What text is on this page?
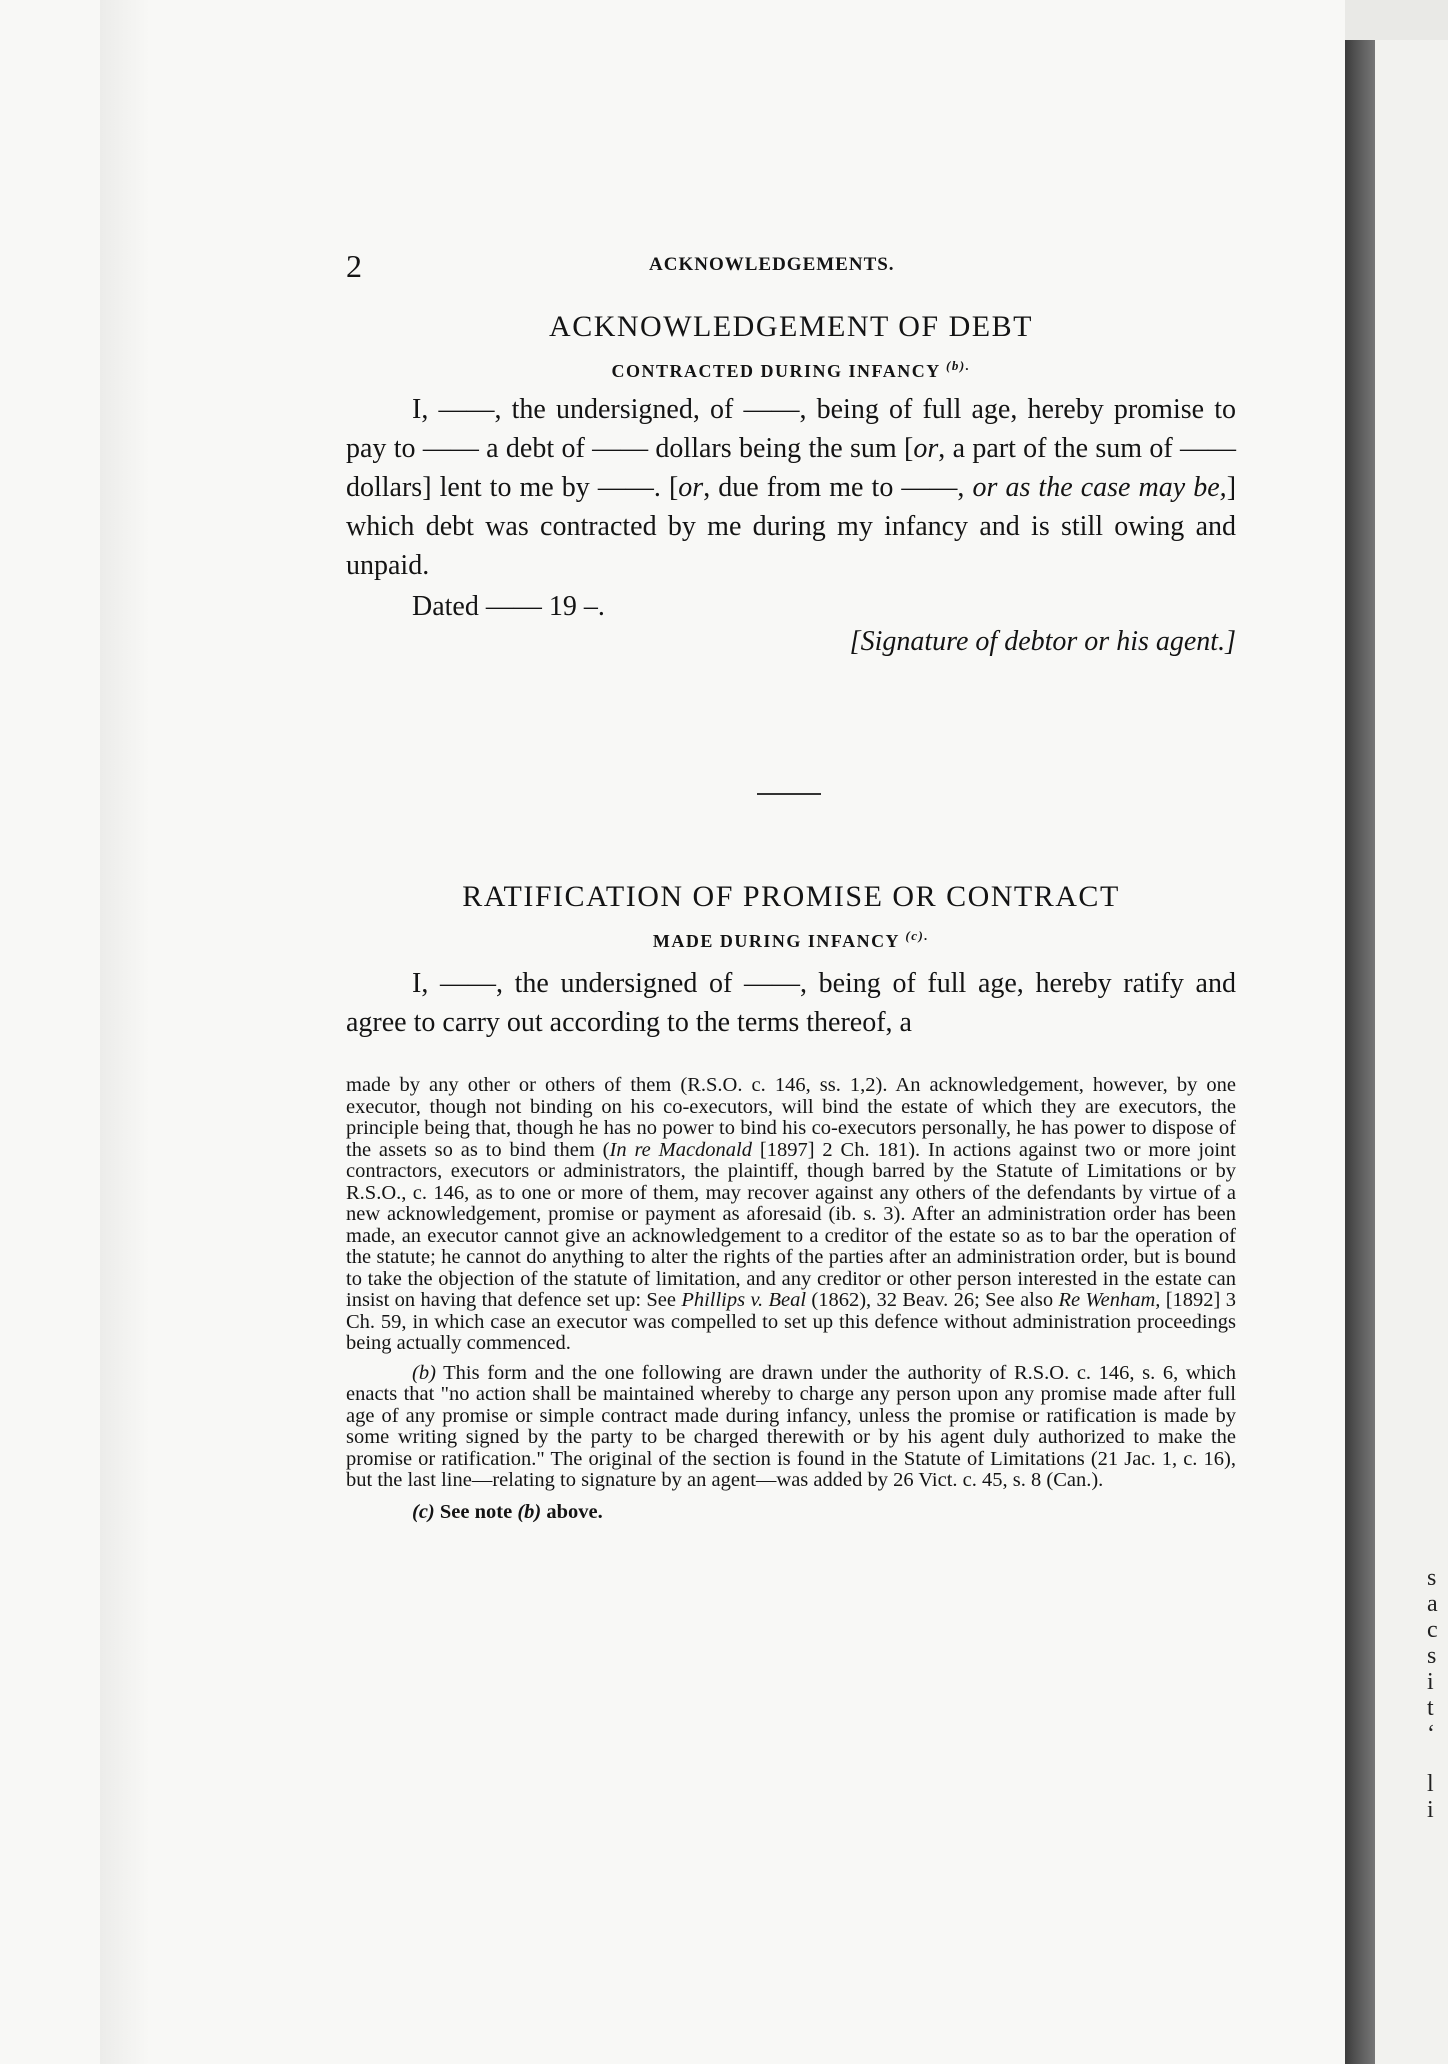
s
a
c
s
i
t
‘
l
i
2	ACKNOWLEDGEMENTS.
ACKNOWLEDGEMENT OF DEBT

CONTRACTED DURING INFANCY $^{(b).}$

I, ——, the undersigned, of ——, being of full age, hereby promise to pay to —— a debt of —— dollars being the sum [or, a part of the sum of —— dollars] lent to me by ——. [or, due from me to ——, or as the case may be,] which debt was contracted by me during my infancy and is still owing and unpaid.

Dated —— 19 –.

[Signature of debtor or his agent.]

RATIFICATION OF PROMISE OR CONTRACT

MADE DURING INFANCY $^{(c).}$

I, ——, the undersigned of ——, being of full age, hereby ratify and agree to carry out according to the terms thereof, a

made by any other or others of them (R.S.O. c. 146, ss. 1,2). An acknowledgement, however, by one executor, though not binding on his co-executors, will bind the estate of which they are executors, the principle being that, though he has no power to bind his co-executors personally, he has power to dispose of the assets so as to bind them (In re Macdonald [1897] 2 Ch. 181). In actions against two or more joint contractors, executors or administrators, the plaintiff, though barred by the Statute of Limitations or by R.S.O., c. 146, as to one or more of them, may recover against any others of the defendants by virtue of a new acknowledgement, promise or payment as aforesaid (ib. s. 3). After an administration order has been made, an executor cannot give an acknowledgement to a creditor of the estate so as to bar the operation of the statute; he cannot do anything to alter the rights of the parties after an administration order, but is bound to take the objection of the statute of limitation, and any creditor or other person interested in the estate can insist on having that defence set up: See Phillips v. Beal (1862), 32 Beav. 26; See also Re Wenham, [1892] 3 Ch. 59, in which case an executor was compelled to set up this defence without administration proceedings being actually commenced.

(b) This form and the one following are drawn under the authority of R.S.O. c. 146, s. 6, which enacts that "no action shall be maintained whereby to charge any person upon any promise made after full age of any promise or simple contract made during infancy, unless the promise or ratification is made by some writing signed by the party to be charged therewith or by his agent duly authorized to make the promise or ratification." The original of the section is found in the Statute of Limitations (21 Jac. 1, c. 16), but the last line—relating to signature by an agent—was added by 26 Vict. c. 45, s. 8 (Can.).

(c) See note (b) above.
